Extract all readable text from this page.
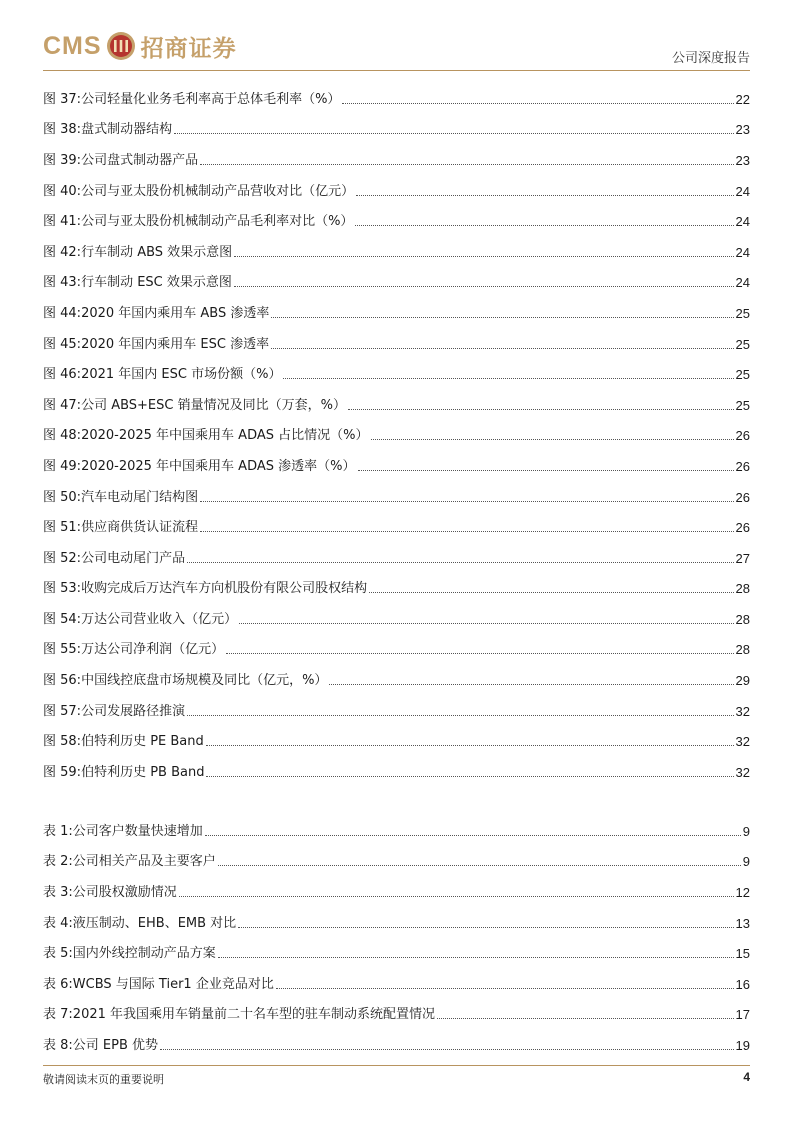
CMS 招商证券	公司深度报告
图 37: 公司轻量化业务毛利率高于总体毛利率（%）	22
图 38: 盘式制动器结构	23
图 39: 公司盘式制动器产品	23
图 40: 公司与亚太股份机械制动产品营收对比（亿元）	24
图 41: 公司与亚太股份机械制动产品毛利率对比（%）	24
图 42: 行车制动 ABS 效果示意图	24
图 43: 行车制动 ESC 效果示意图	24
图 44: 2020 年国内乘用车 ABS 渗透率	25
图 45: 2020 年国内乘用车 ESC 渗透率	25
图 46: 2021 年国内 ESC 市场份额（%）	25
图 47: 公司 ABS+ESC 销量情况及同比（万套，%）	25
图 48: 2020-2025 年中国乘用车 ADAS 占比情况（%）	26
图 49: 2020-2025 年中国乘用车 ADAS 渗透率（%）	26
图 50: 汽车电动尾门结构图	26
图 51: 供应商供货认证流程	26
图 52: 公司电动尾门产品	27
图 53: 收购完成后万达汽车方向机股份有限公司股权结构	28
图 54: 万达公司营业收入（亿元）	28
图 55: 万达公司净利润（亿元）	28
图 56: 中国线控底盘市场规模及同比（亿元，%）	29
图 57: 公司发展路径推演	32
图 58: 伯特利历史 PE Band	32
图 59: 伯特利历史 PB Band	32
表 1: 公司客户数量快速增加	9
表 2: 公司相关产品及主要客户	9
表 3: 公司股权激励情况	12
表 4: 液压制动、EHB、EMB 对比	13
表 5: 国内外线控制动产品方案	15
表 6: WCBS 与国际 Tier1 企业竞品对比	16
表 7: 2021 年我国乘用车销量前二十名车型的驻车制动系统配置情况	17
表 8: 公司 EPB 优势	19
敬请阅读末页的重要说明	4
